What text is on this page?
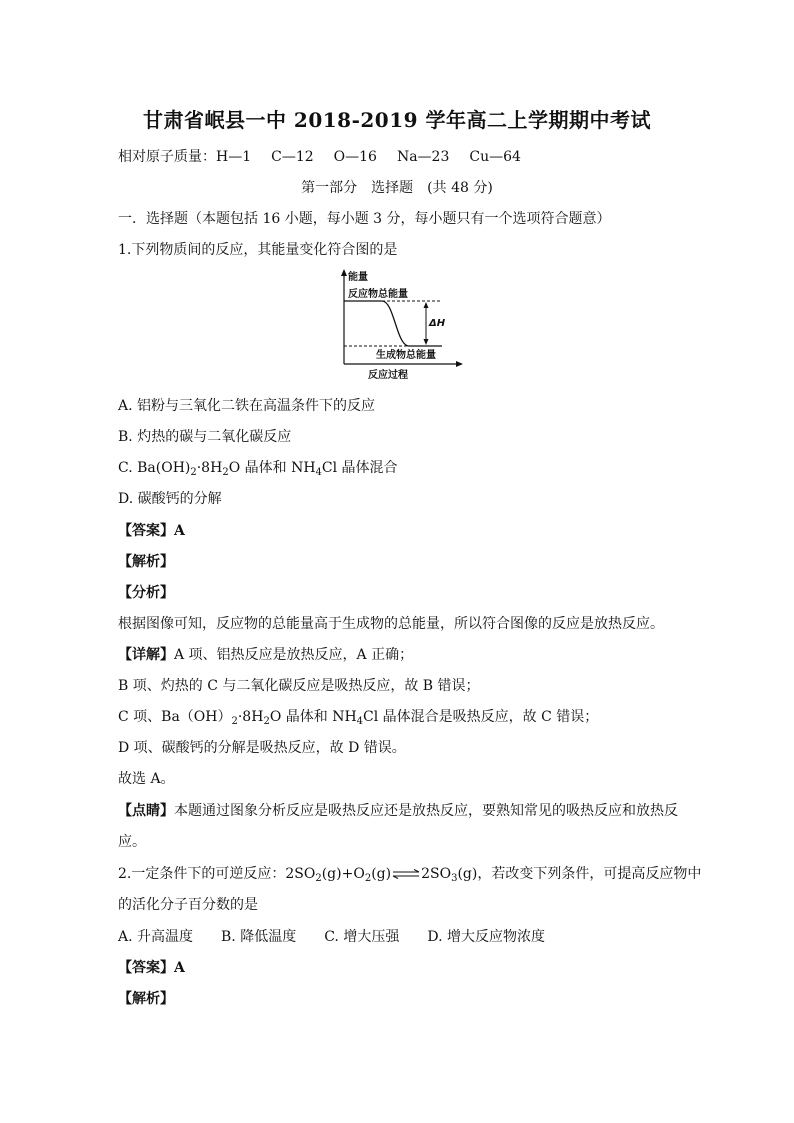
甘肃省岷县一中 2018-2019 学年高二上学期期中考试
相对原子质量：H—1 C—12 O—16 Na—23 Cu—64
第一部分　选择题　(共 48 分)
一．选择题（本题包括 16 小题，每小题 3 分，每小题只有一个选项符合题意）
1.下列物质间的反应，其能量变化符合图的是
能量
反应物总能量
ΔH
生成物总能量
反应过程
A. 铝粉与三氧化二铁在高温条件下的反应
B. 灼热的碳与二氧化碳反应
C. $Ba(OH)_2\cdot 8H_2O$ 晶体和 $NH_4Cl$ 晶体混合
D. 碳酸钙的分解
【答案】A
【解析】
【分析】
根据图像可知，反应物的总能量高于生成物的总能量，所以符合图像的反应是放热反应。
【详解】A 项、铝热反应是放热反应，A 正确；
B 项、灼热的 C 与二氧化碳反应是吸热反应，故 B 错误；
C 项、$Ba(OH)_2\cdot 8H_2O$ 晶体和 $NH_4Cl$ 晶体混合是吸热反应，故 C 错误；
D 项、碳酸钙的分解是吸热反应，故 D 错误。
故选 A。
【点睛】本题通过图象分析反应是吸热反应还是放热反应，要熟知常见的吸热反应和放热反
应。
2.一定条件下的可逆反应：$2SO_2(g)+O_2(g)\rightleftharpoons 2SO_3(g)$，若改变下列条件，可提高反应物中
的活化分子百分数的是
A. 升高温度 B. 降低温度 C. 增大压强 D. 增大反应物浓度
【答案】A
【解析】
